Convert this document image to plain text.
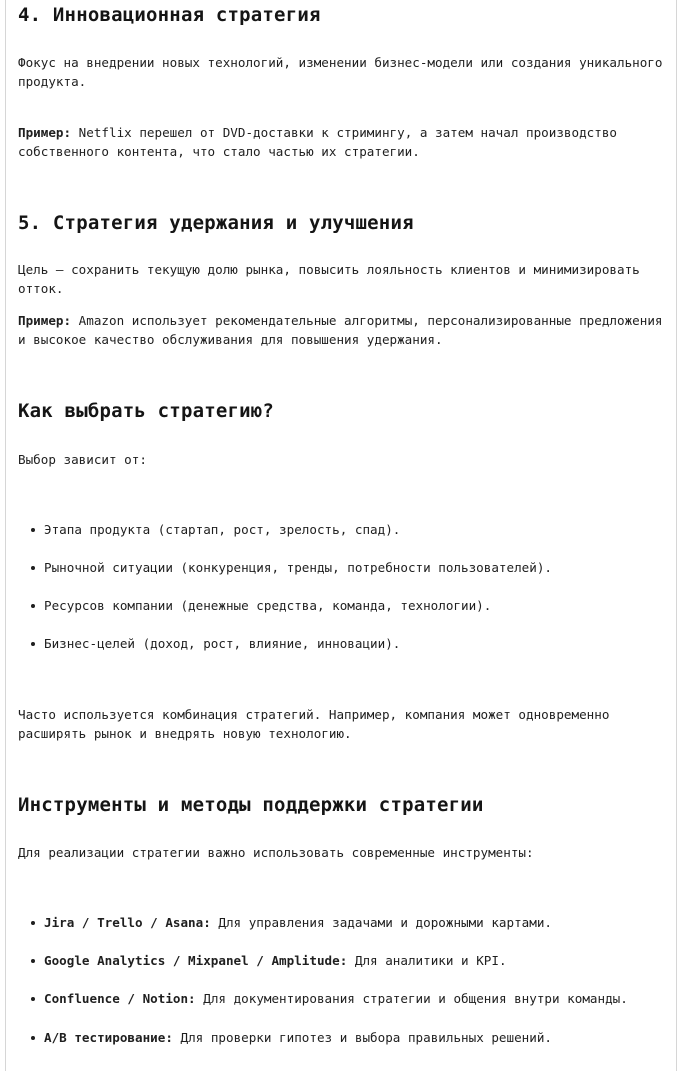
4. Инновационная стратегия

Фокус на внедрении новых технологий, изменении бизнес-модели или создания уникального продукта.

Пример: Netflix перешел от DVD-доставки к стримингу, а затем начал производство собственного контента, что стало частью их стратегии.

5. Стратегия удержания и улучшения

Цель — сохранить текущую долю рынка, повысить лояльность клиентов и минимизировать отток.

Пример: Amazon использует рекомендательные алгоритмы, персонализированные предложения и высокое качество обслуживания для повышения удержания.

Как выбрать стратегию?

Выбор зависит от:

Этапа продукта (стартап, рост, зрелость, спад).
Рыночной ситуации (конкуренция, тренды, потребности пользователей).
Ресурсов компании (денежные средства, команда, технологии).
Бизнес-целей (доход, рост, влияние, инновации).

Часто используется комбинация стратегий. Например, компания может одновременно расширять рынок и внедрять новую технологию.

Инструменты и методы поддержки стратегии

Для реализации стратегии важно использовать современные инструменты:

Jira / Trello / Asana: Для управления задачами и дорожными картами.
Google Analytics / Mixpanel / Amplitude: Для аналитики и KPI.
Confluence / Notion: Для документирования стратегии и общения внутри команды.
A/B тестирование: Для проверки гипотез и выбора правильных решений.
